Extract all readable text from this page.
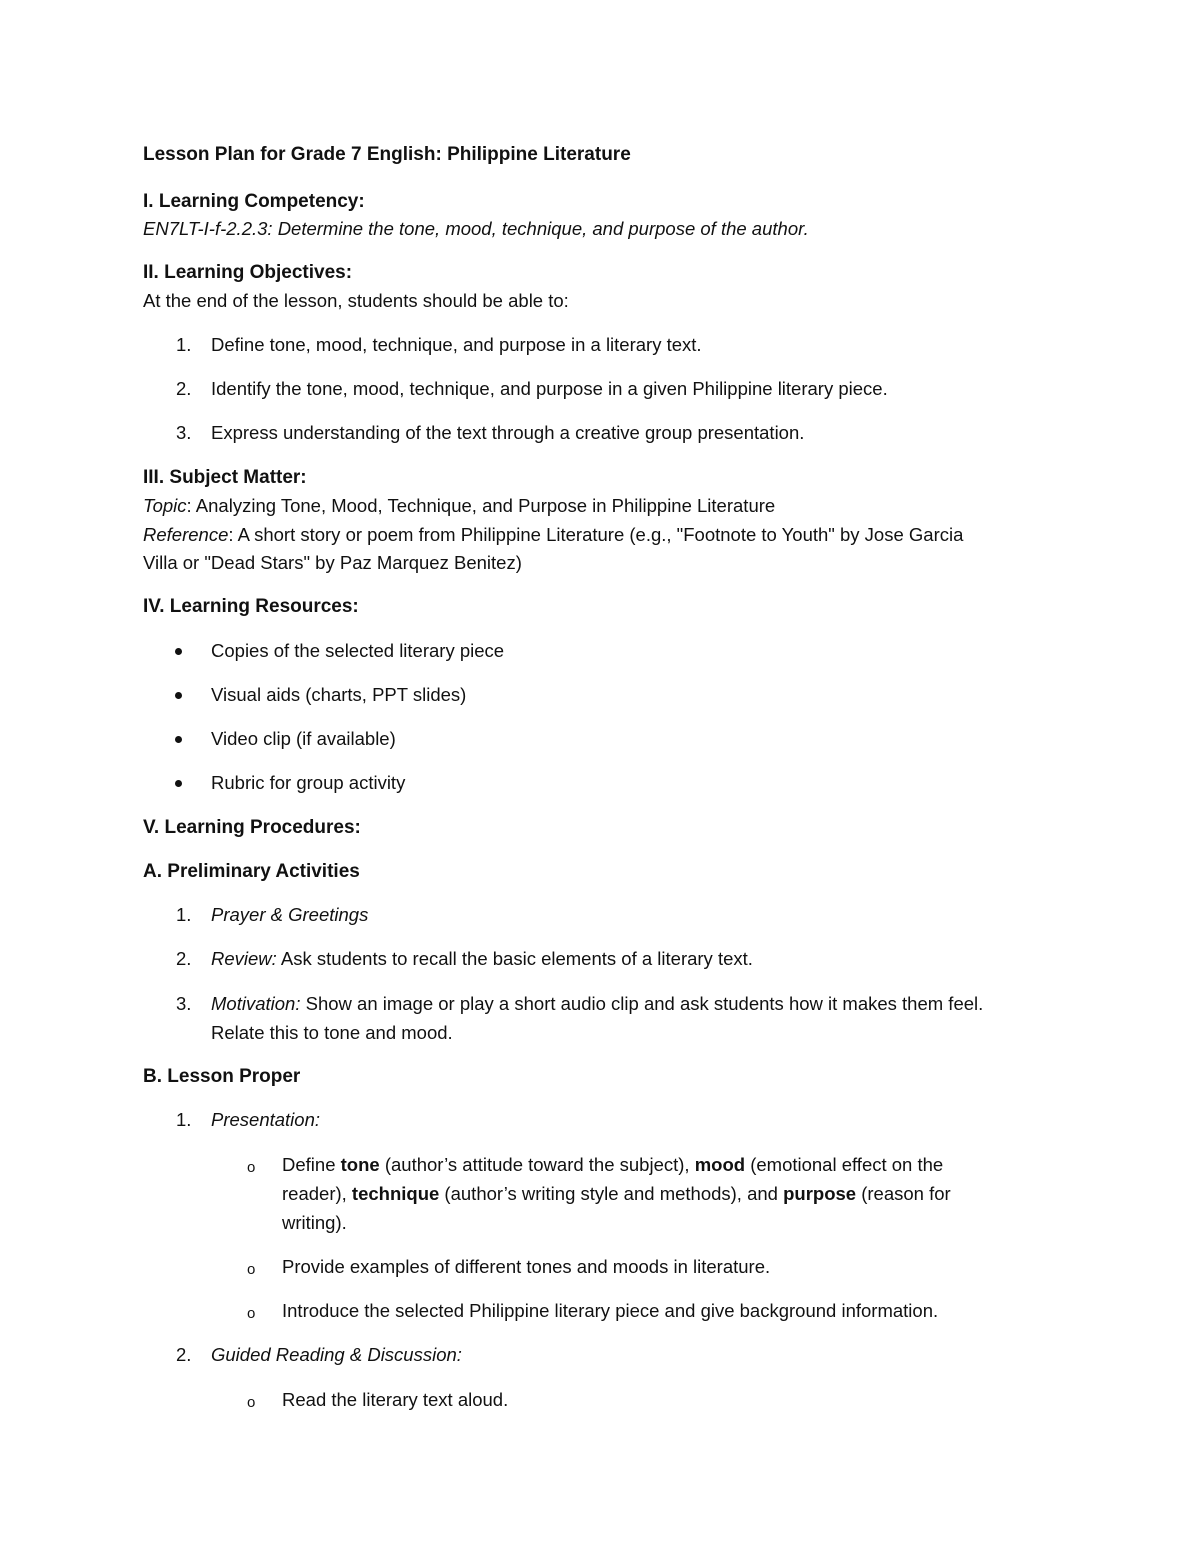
Lesson Plan for Grade 7 English: Philippine Literature

I. Learning Competency:

EN7LT-I-f-2.2.3: Determine the tone, mood, technique, and purpose of the author.

II. Learning Objectives:

At the end of the lesson, students should be able to:

1. Define tone, mood, technique, and purpose in a literary text.
2. Identify the tone, mood, technique, and purpose in a given Philippine literary piece.
3. Express understanding of the text through a creative group presentation.

III. Subject Matter:

Topic: Analyzing Tone, Mood, Technique, and Purpose in Philippine Literature

Reference: A short story or poem from Philippine Literature (e.g., "Footnote to Youth" by Jose Garcia

Villa or "Dead Stars" by Paz Marquez Benitez)

IV. Learning Resources:

Copies of the selected literary piece
Visual aids (charts, PPT slides)
Video clip (if available)
Rubric for group activity

V. Learning Procedures:

A. Preliminary Activities

1. Prayer & Greetings
2. Review: Ask students to recall the basic elements of a literary text.
3. Motivation: Show an image or play a short audio clip and ask students how it makes them feel.
Relate this to tone and mood.

B. Lesson Proper

1. Presentation:
o Define tone (author’s attitude toward the subject), mood (emotional effect on the
reader), technique (author’s writing style and methods), and purpose (reason for
writing).
o Provide examples of different tones and moods in literature.
o Introduce the selected Philippine literary piece and give background information.
2. Guided Reading & Discussion:
o Read the literary text aloud.
